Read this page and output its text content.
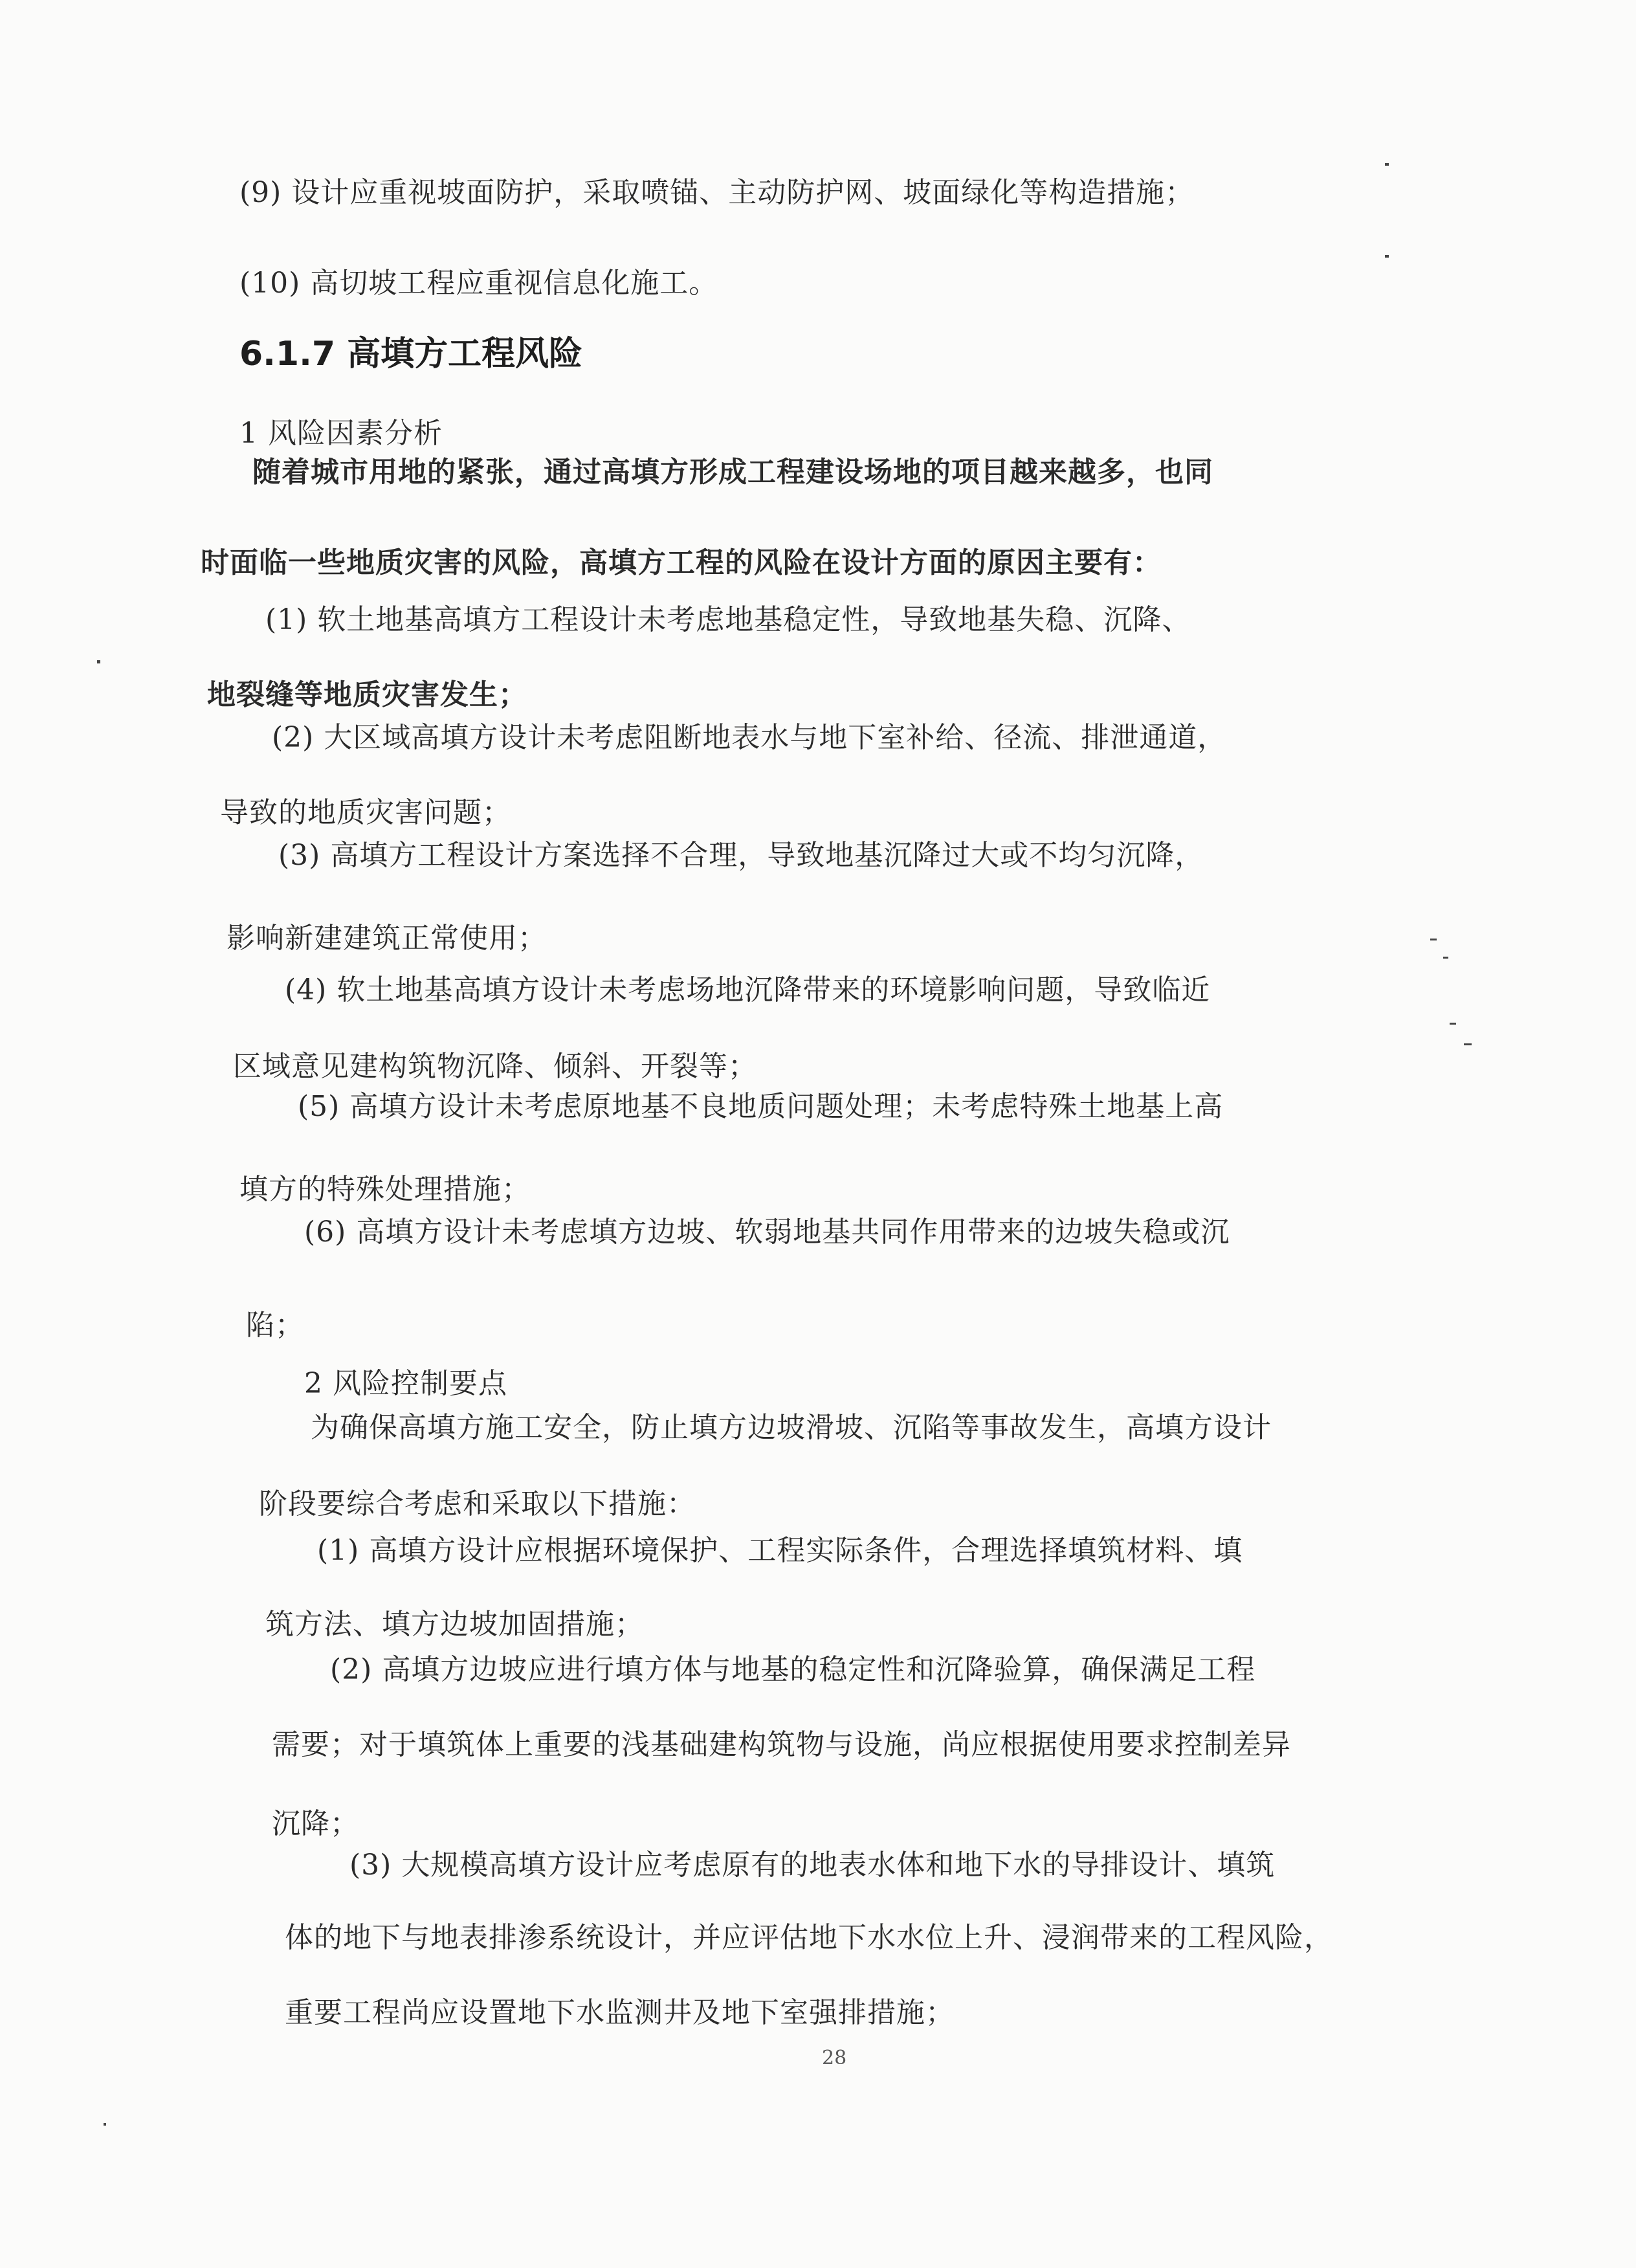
(9) 设计应重视坡面防护，采取喷锚、主动防护网、坡面绿化等构造措施；
(10) 高切坡工程应重视信息化施工。
6.1.7 高填方工程风险
1 风险因素分析
随着城市用地的紧张，通过高填方形成工程建设场地的项目越来越多，也同
时面临一些地质灾害的风险，高填方工程的风险在设计方面的原因主要有：
(1) 软土地基高填方工程设计未考虑地基稳定性，导致地基失稳、沉降、
地裂缝等地质灾害发生；
(2) 大区域高填方设计未考虑阻断地表水与地下室补给、径流、排泄通道，
导致的地质灾害问题；
(3) 高填方工程设计方案选择不合理，导致地基沉降过大或不均匀沉降，
影响新建建筑正常使用；
(4) 软土地基高填方设计未考虑场地沉降带来的环境影响问题，导致临近
区域意见建构筑物沉降、倾斜、开裂等；
(5) 高填方设计未考虑原地基不良地质问题处理；未考虑特殊土地基上高
填方的特殊处理措施；
(6) 高填方设计未考虑填方边坡、软弱地基共同作用带来的边坡失稳或沉
陷；
2 风险控制要点
为确保高填方施工安全，防止填方边坡滑坡、沉陷等事故发生，高填方设计
阶段要综合考虑和采取以下措施：
(1) 高填方设计应根据环境保护、工程实际条件，合理选择填筑材料、填
筑方法、填方边坡加固措施；
(2) 高填方边坡应进行填方体与地基的稳定性和沉降验算，确保满足工程
需要；对于填筑体上重要的浅基础建构筑物与设施，尚应根据使用要求控制差异
沉降；
(3) 大规模高填方设计应考虑原有的地表水体和地下水的导排设计、填筑
体的地下与地表排渗系统设计，并应评估地下水水位上升、浸润带来的工程风险，
重要工程尚应设置地下水监测井及地下室强排措施；
28
